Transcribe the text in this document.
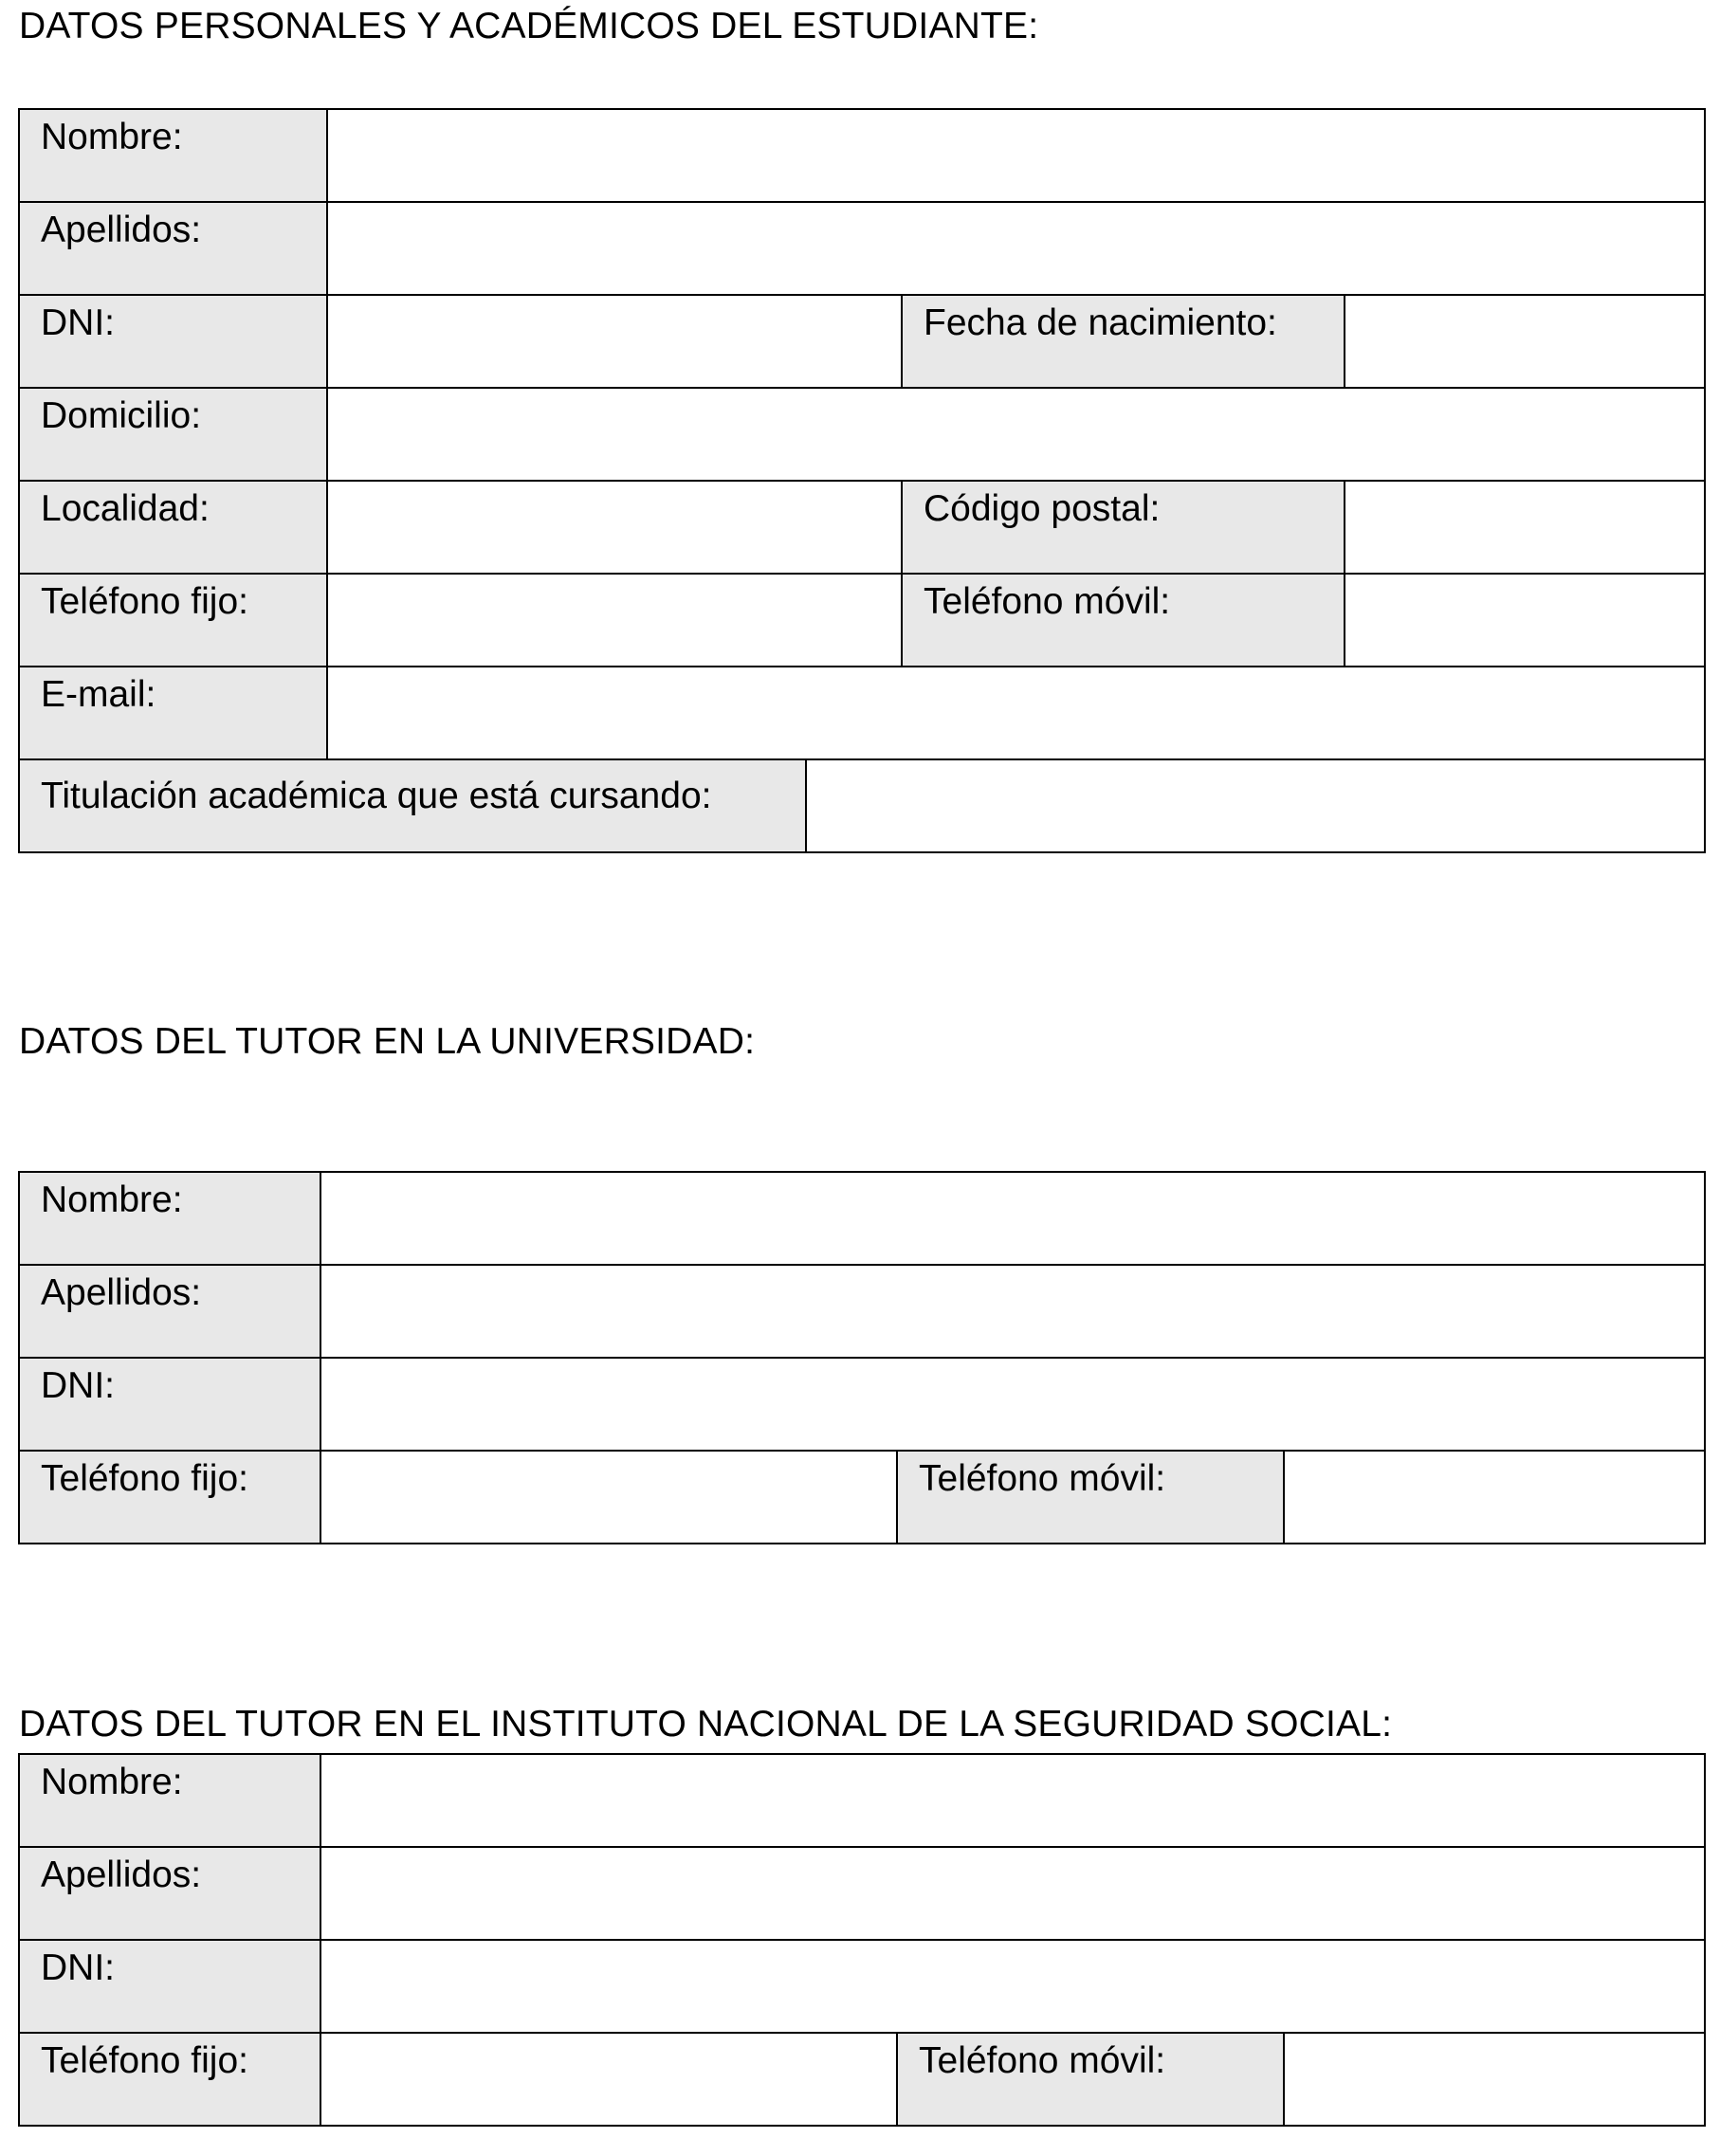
DATOS PERSONALES Y ACADÉMICOS DEL ESTUDIANTE:
Nombre:	

Apellidos:	

DNI:			Fecha de nacimiento:	

Domicilio:	

Localidad:			Código postal:	

Teléfono fijo:			Teléfono móvil:	

E-mail:	

Titulación académica que está cursando:	
DATOS DEL TUTOR EN LA UNIVERSIDAD:
Nombre:	

Apellidos:	

DNI:	

Teléfono fijo:		Teléfono móvil:	
DATOS DEL TUTOR EN EL INSTITUTO NACIONAL DE LA SEGURIDAD SOCIAL:
Nombre:	

Apellidos:	

DNI:	

Teléfono fijo:		Teléfono móvil:	
